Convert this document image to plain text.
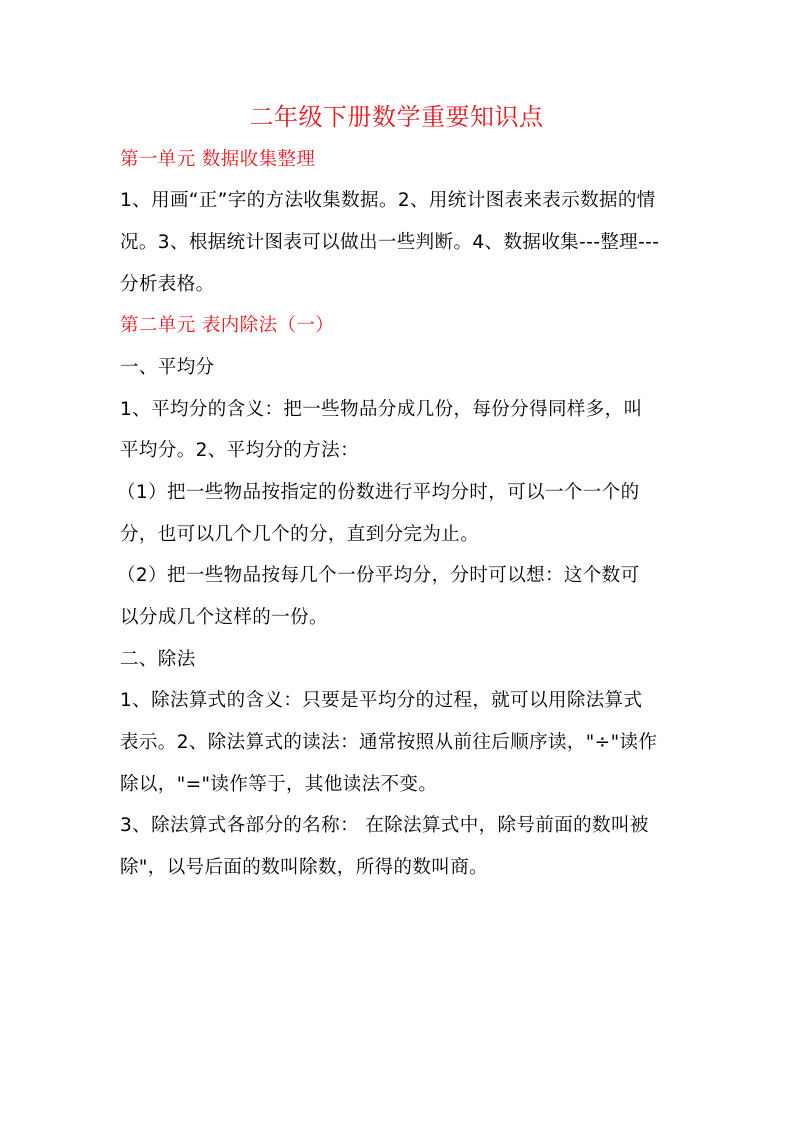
二年级下册数学重要知识点
第一单元 数据收集整理
1、用画“正”字的方法收集数据。2、用统计图表来表示数据的情
况。3、根据统计图表可以做出一些判断。4、数据收集---整理---
分析表格。
第二单元 表内除法（一）
一、平均分
1、平均分的含义：把一些物品分成几份，每份分得同样多，叫
平均分。2、平均分的方法：
（1）把一些物品按指定的份数进行平均分时，可以一个一个的
分，也可以几个几个的分，直到分完为止。
（2）把一些物品按每几个一份平均分，分时可以想：这个数可
以分成几个这样的一份。
二、除法
1、除法算式的含义：只要是平均分的过程，就可以用除法算式
表示。2、除法算式的读法：通常按照从前往后顺序读，"÷"读作
除以，"="读作等于，其他读法不变。
3、除法算式各部分的名称： 在除法算式中，除号前面的数叫被
除"，以号后面的数叫除数，所得的数叫商。
